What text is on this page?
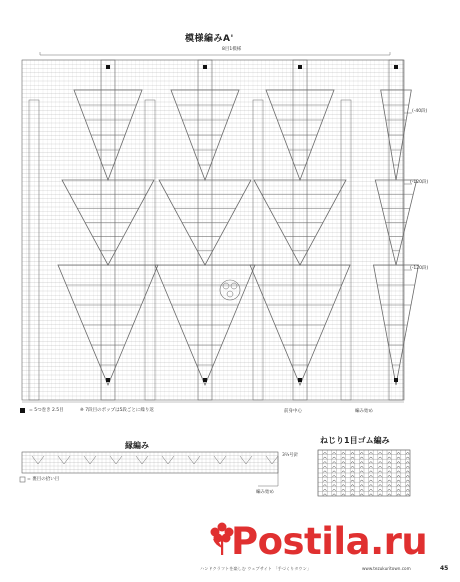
模様編みA'
8目1模様
(-40段)
(-120段)
(-120段)
= 5つ巻き 2.5目	※ 7段目のポップは5段ごとに繰り返	前身中心	編み始め
縁編み
3⅔号針
= 裏目の拾い目
編み始め
ねじり1目ゴム編み
Postila.ru
ハンドクラフトを楽しむ ウェブサイト 「手づくりタウン」	www.tezukuritown.com	45
